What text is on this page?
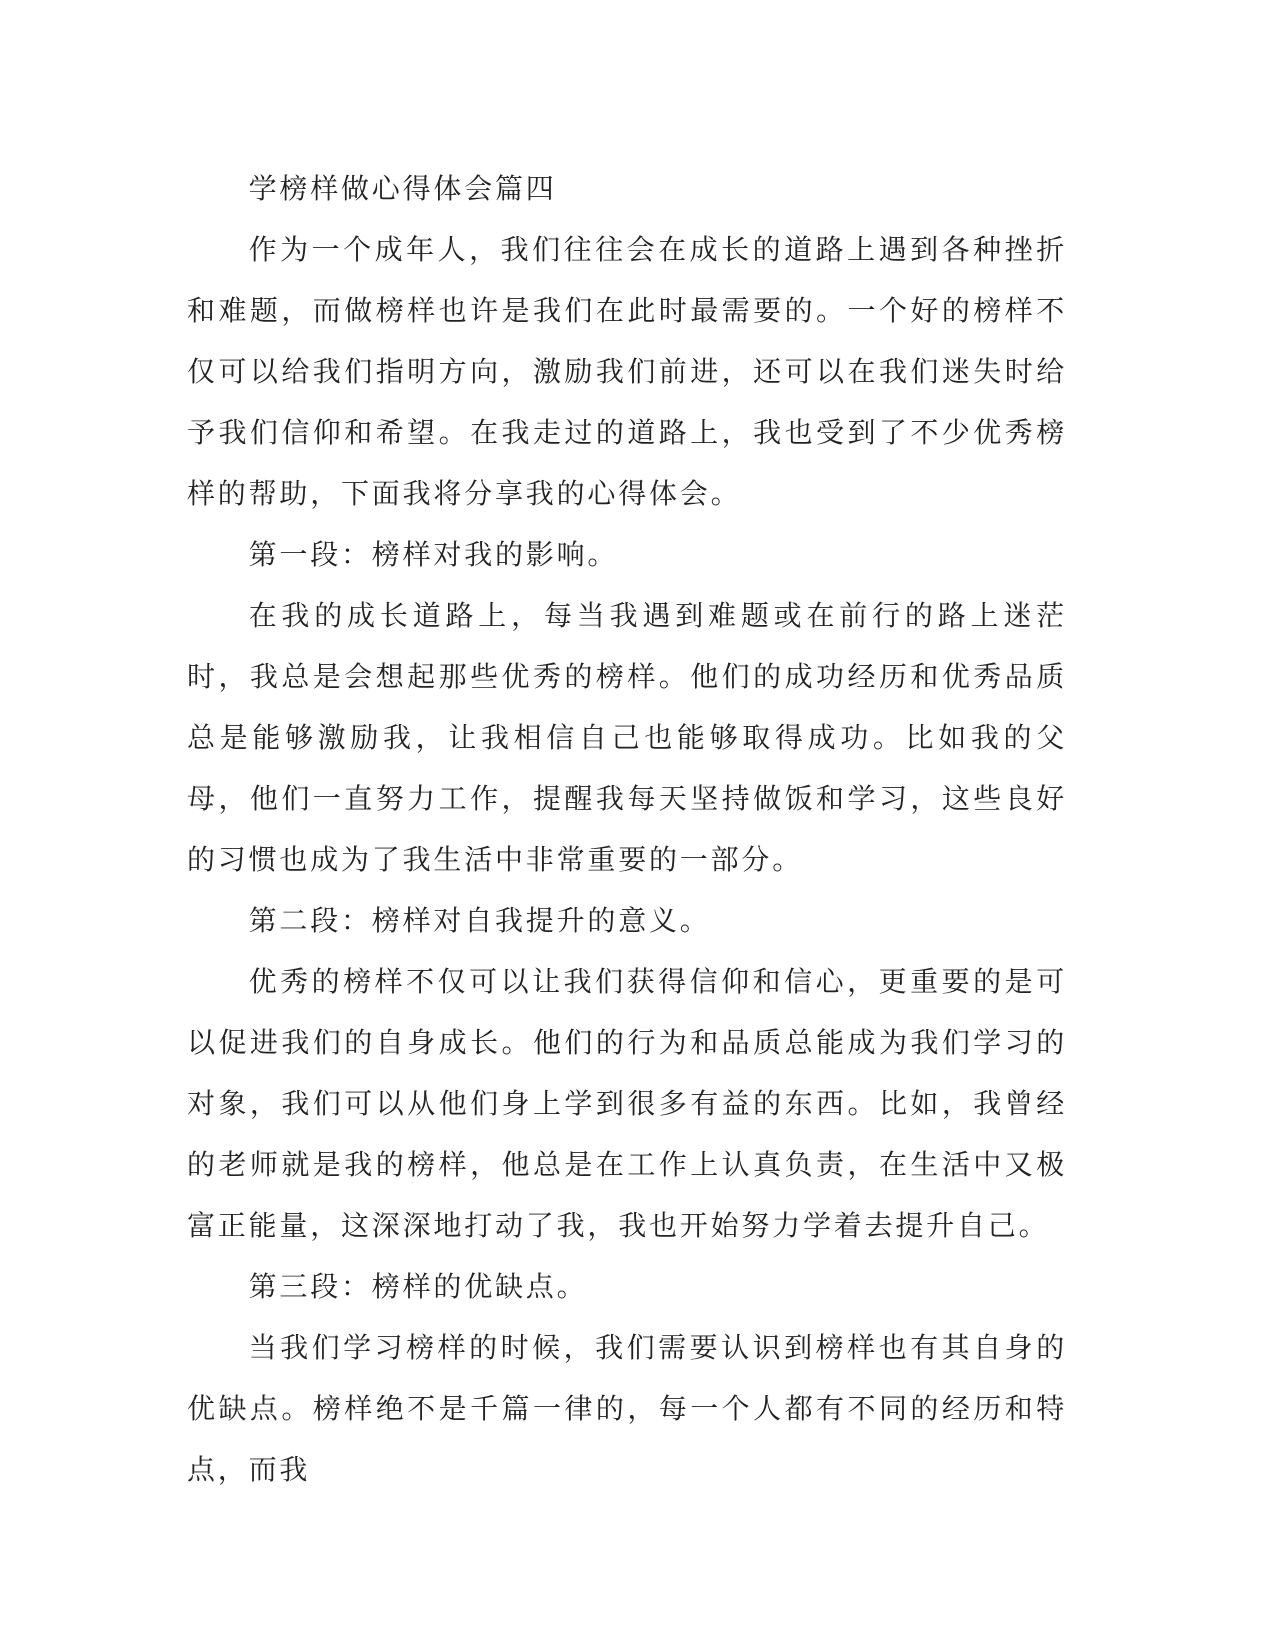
学榜样做心得体会篇四

作为一个成年人，我们往往会在成长的道路上遇到各种挫折和难题，而做榜样也许是我们在此时最需要的。一个好的榜样不仅可以给我们指明方向，激励我们前进，还可以在我们迷失时给予我们信仰和希望。在我走过的道路上，我也受到了不少优秀榜样的帮助，下面我将分享我的心得体会。

第一段：榜样对我的影响。

在我的成长道路上，每当我遇到难题或在前行的路上迷茫时，我总是会想起那些优秀的榜样。他们的成功经历和优秀品质总是能够激励我，让我相信自己也能够取得成功。比如我的父母，他们一直努力工作，提醒我每天坚持做饭和学习，这些良好的习惯也成为了我生活中非常重要的一部分。

第二段：榜样对自我提升的意义。

优秀的榜样不仅可以让我们获得信仰和信心，更重要的是可以促进我们的自身成长。他们的行为和品质总能成为我们学习的对象，我们可以从他们身上学到很多有益的东西。比如，我曾经的老师就是我的榜样，他总是在工作上认真负责，在生活中又极富正能量，这深深地打动了我，我也开始努力学着去提升自己。

第三段：榜样的优缺点。

当我们学习榜样的时候，我们需要认识到榜样也有其自身的优缺点。榜样绝不是千篇一律的，每一个人都有不同的经历和特点，而我
